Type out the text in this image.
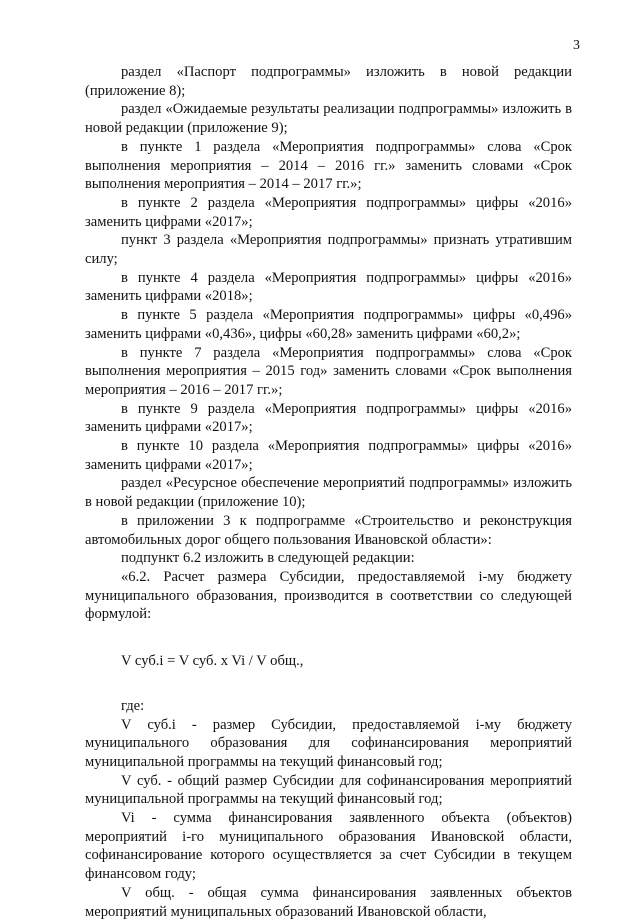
3

раздел «Паспорт подпрограммы» изложить в новой редакции (приложение 8);

раздел «Ожидаемые результаты реализации подпрограммы» изложить в новой редакции (приложение 9);

в пункте 1 раздела «Мероприятия подпрограммы» слова «Срок выполнения мероприятия – 2014 – 2016 гг.» заменить словами «Срок выполнения мероприятия – 2014 – 2017 гг.»;

в пункте 2 раздела «Мероприятия подпрограммы» цифры «2016» заменить цифрами «2017»;

пункт 3 раздела «Мероприятия подпрограммы» признать утратившим силу;

в пункте 4 раздела «Мероприятия подпрограммы» цифры «2016» заменить цифрами «2018»;

в пункте 5 раздела «Мероприятия подпрограммы» цифры «0,496» заменить цифрами «0,436», цифры «60,28» заменить цифрами «60,2»;

в пункте 7 раздела «Мероприятия подпрограммы» слова «Срок выполнения мероприятия – 2015 год» заменить словами «Срок выполнения мероприятия – 2016 – 2017 гг.»;

в пункте 9 раздела «Мероприятия подпрограммы» цифры «2016» заменить цифрами «2017»;

в пункте 10 раздела «Мероприятия подпрограммы» цифры «2016» заменить цифрами «2017»;

раздел «Ресурсное обеспечение мероприятий подпрограммы» изложить в новой редакции (приложение 10);

в приложении 3 к подпрограмме «Строительство и реконструкция автомобильных дорог общего пользования Ивановской области»:

подпункт 6.2 изложить в следующей редакции:

«6.2. Расчет размера Субсидии, предоставляемой i-му бюджету муниципального образования, производится в соответствии со следующей формулой:

V суб.i = V суб. x Vi / V общ.,

где:

V суб.i - размер Субсидии, предоставляемой i-му бюджету муниципального образования для софинансирования мероприятий муниципальной программы на текущий финансовый год;

V суб. - общий размер Субсидии для софинансирования мероприятий муниципальной программы на текущий финансовый год;

Vi - сумма финансирования заявленного объекта (объектов) мероприятий i-го муниципального образования Ивановской области, софинансирование которого осуществляется за счет Субсидии в текущем финансовом году;

V общ. - общая сумма финансирования заявленных объектов мероприятий муниципальных образований Ивановской области,
